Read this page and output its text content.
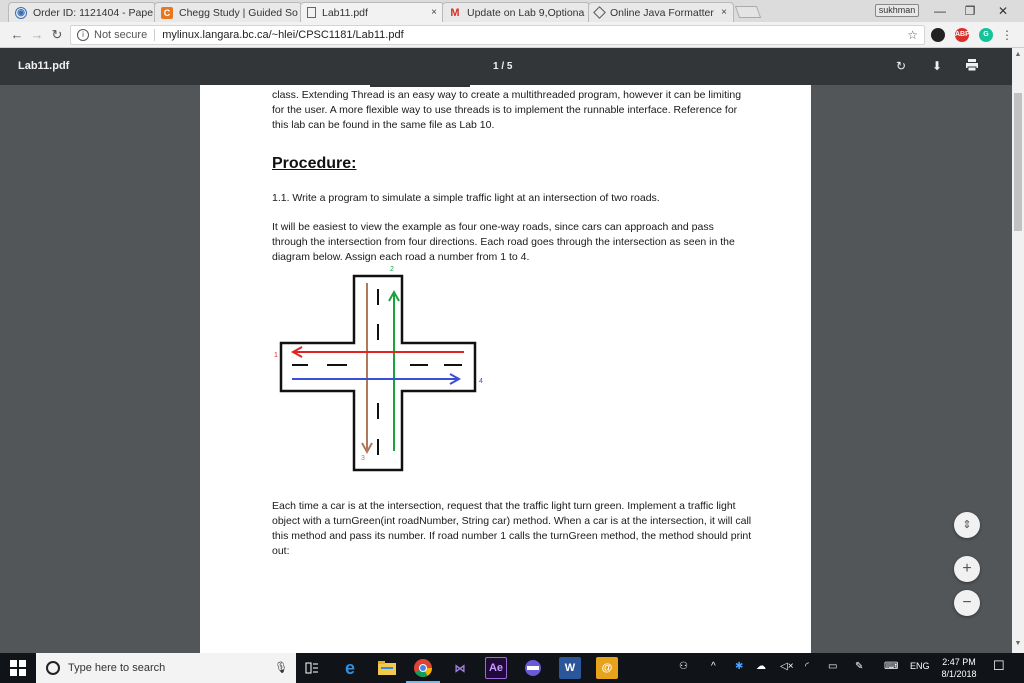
◉ Order ID: 1121404 - Pape	C Chegg Study | Guided So Lab11.pdf	× M Update on Lab 9,Optiona Online Java Formatter ×	sukhman	—	❐	✕
← → ↻	i Not secure	mylinux.langara.bc.ca/~hlei/CPSC1181/Lab11.pdf	☆	ABP	G	⋮
Lab11.pdf	1 / 5	↻ ⬇
class. Extending Thread is an easy way to create a multithreaded program, however it can be limiting for the user. A more flexible way to use threads is to implement the runnable interface. Reference for this lab can be found in the same file as Lab 10.
Procedure:
1.1. Write a program to simulate a simple traffic light at an intersection of two roads.
It will be easiest to view the example as four one-way roads, since cars can approach and pass through the intersection from four directions. Each road goes through the intersection as seen in the diagram below. Assign each road a number from 1 to 4.
2
1
4
3
Each time a car is at the intersection, request that the traffic light turn green. Implement a traffic light object with a turnGreen(int roadNumber, String car) method. When a car is at the intersection, it will call this method and pass its number. If road number 1 calls the turnGreen method, the method should print out:
⇕
+
−
▲
▼
Type here to search	🎙	e	⋈	Ae	W	@	⚇ ^ ✱ ☁ ◁× ◜ ▭ ✎ ⌨ ENG	2:47 PM
8/1/2018
☐
